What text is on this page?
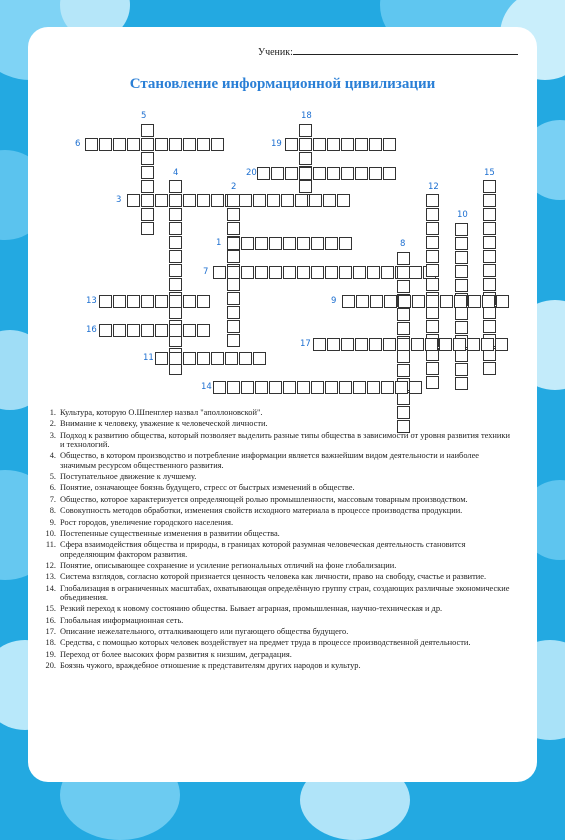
Ученик:
Становление информационной цивилизации
5	18
6	19
4
2
20
12
15
3
10
1	8
7
13	9
16
17
11
14
1. Культура, которую О.Шпенглер назвал "аполлоновской".
2. Внимание к человеку, уважение к человеческой личности.
3. Подход к развитию общества, который позволяет выделить разные типы общества в зависимости от уровня развития техники и технологий.
4. Общество, в котором производство и потребление информации является важнейшим видом деятельности и наиболее значимым ресурсом общественного развития.
5. Поступательное движение к лучшему.
6. Понятие, означающее боязнь будущего, стресс от быстрых изменений в обществе.
7. Общество, которое характеризуется определяющей ролью промышленности, массовым товарным производством.
8. Совокупность методов обработки, изменения свойств исходного материала в процессе производства продукции.
9. Рост городов, увеличение городского населения.
10. Постепенные существенные изменения в развитии общества.
11. Сфера взаимодействия общества и природы, в границах которой разумная человеческая деятельность становится определяющим фактором развития.
12. Понятие, описывающее сохранение и усиление региональных отличий на фоне глобализации.
13. Система взглядов, согласно которой признается ценность человека как личности, право на свободу, счастье и развитие.
14. Глобализация в ограниченных масштабах, охватывающая определённую группу стран, создающих различные экономические объединения.
15. Резкий переход к новому состоянию общества. Бывает аграрная, промышленная, научно-техническая и др.
16. Глобальная информационная сеть.
17. Описание нежелательного, отталкивающего или пугающего общества будущего.
18. Средства, с помощью которых человек воздействует на предмет труда в процессе производственной деятельности.
19. Переход от более высоких форм развития к низшим, деградация.
20. Боязнь чужого, враждебное отношение к представителям других народов и культур.
